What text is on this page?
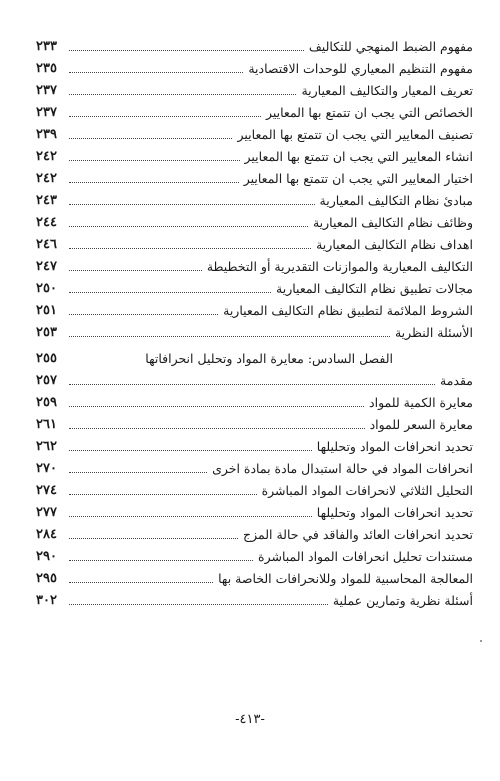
مفهوم الضبط المنهجي للتكاليف
٢٣٣
مفهوم التنظيم المعياري للوحدات الاقتصادية
٢٣٥
تعريف المعيار والتكاليف المعيارية
٢٣٧
الخصائص التي يجب ان تتمتع بها المعايير
٢٣٧
تصنيف المعايير التي يجب ان تتمتع بها المعايير
٢٣٩
انشاء المعايير التي يجب ان تتمتع بها المعايير
٢٤٢
اختيار المعايير التي يجب ان تتمتع بها المعايير
٢٤٢
مبادئ نظام التكاليف المعيارية
٢٤٣
وظائف نظام التكاليف المعيارية
٢٤٤
اهداف نظام التكاليف المعيارية
٢٤٦
التكاليف المعيارية والموازنات التقديرية أو التخطيطة
٢٤٧
مجالات تطبيق نظام التكاليف المعيارية
٢٥٠
الشروط الملائمة لتطبيق نظام التكاليف المعيارية
٢٥١
الأسئلة النظرية
٢٥٣
الفصل السادس: معايرة المواد وتحليل انحرافاتها
٢٥٥
مقدمة
٢٥٧
معايرة الكمية للمواد
٢٥٩
معايرة السعر للمواد
٢٦١
تحديد انحرافات المواد وتحليلها
٢٦٢
انحرافات المواد في حالة استبدال مادة بمادة اخرى
٢٧٠
التحليل الثلاثي لانحرافات المواد المباشرة
٢٧٤
تحديد انحرافات المواد وتحليلها
٢٧٧
تحديد انحرافات العائد والفاقد في حالة المزج
٢٨٤
مستندات تحليل انحرافات المواد المباشرة
٢٩٠
المعالجة المحاسبية للمواد وللانحرافات الخاصة بها
٢٩٥
أسئلة نظرية وتمارين عملية
٣٠٢
-٤١٣-
